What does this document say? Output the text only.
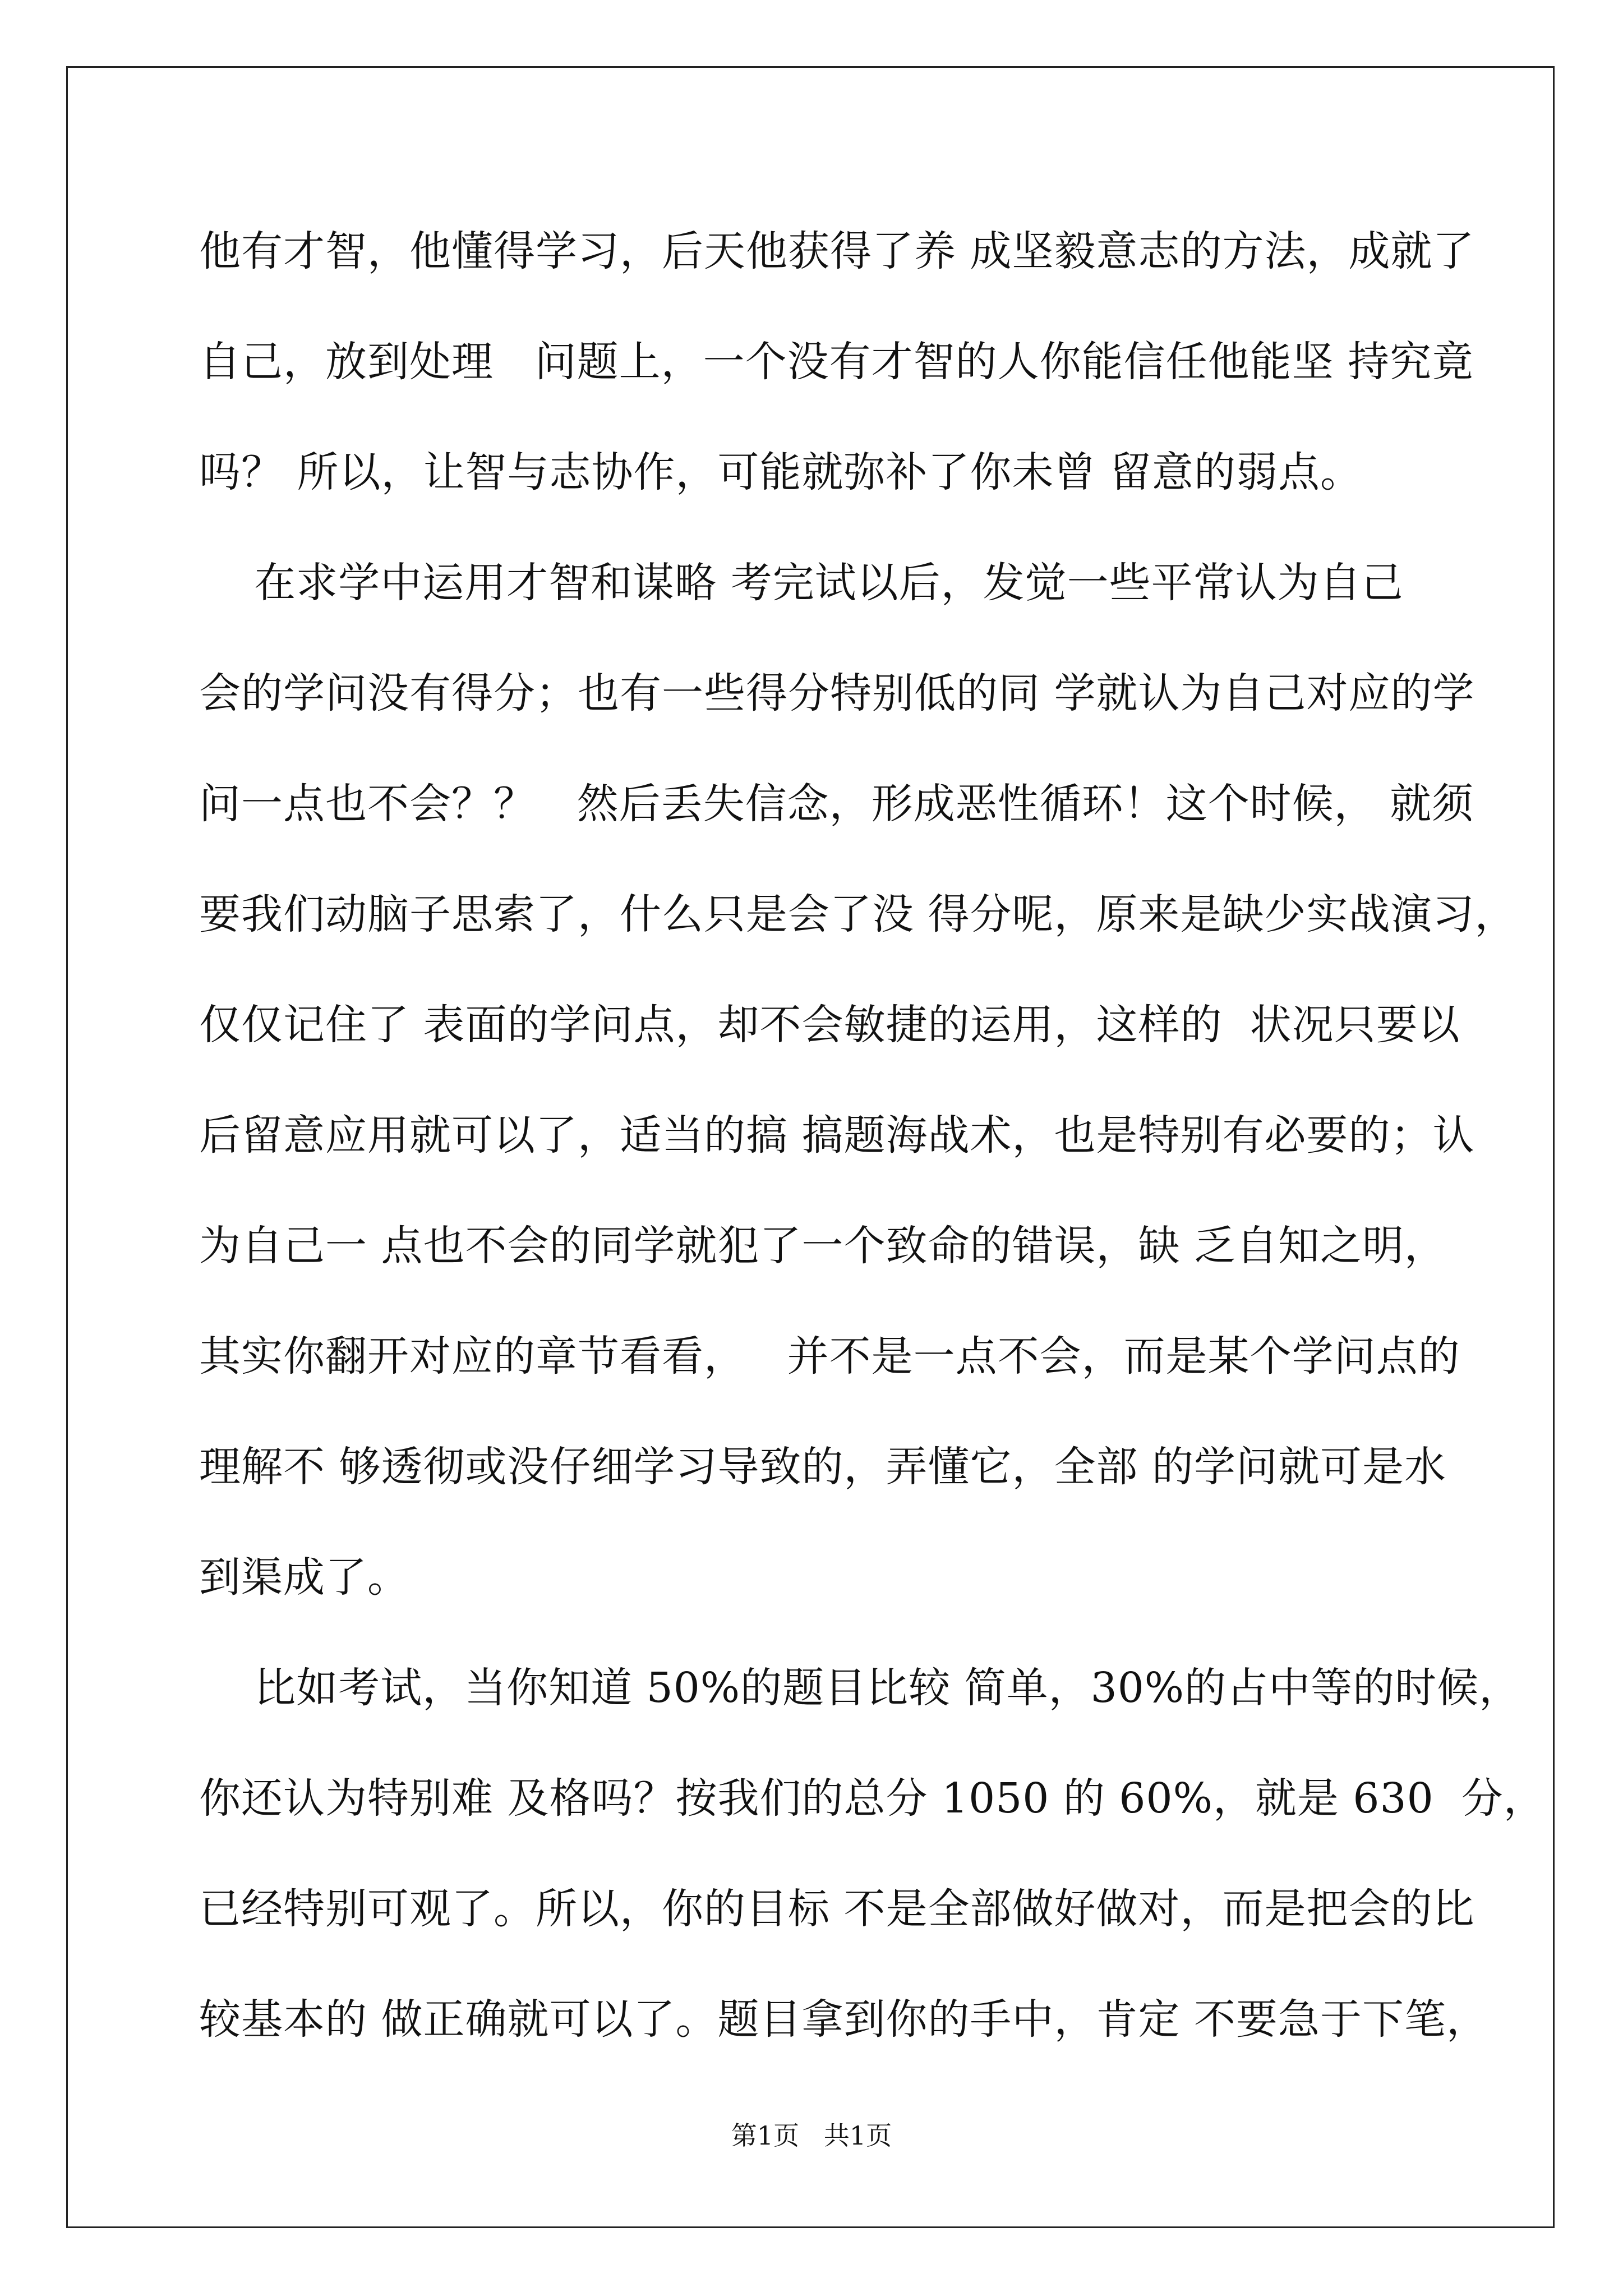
他有才智，他懂得学习，后天他获得了养 成坚毅意志的方法，成就了
自己，放到处理   问题上，一个没有才智的人你能信任他能坚 持究竟
吗？ 所以，让智与志协作，可能就弥补了你未曾 留意的弱点。
在求学中运用才智和谋略 考完试以后，发觉一些平常认为自己
会的学问没有得分；也有一些得分特别低的同 学就认为自己对应的学
问一点也不会？？   然后丢失信念，形成恶性循环！这个时候， 就须
要我们动脑子思索了，什么只是会了没 得分呢，原来是缺少实战演习，
仅仅记住了 表面的学问点，却不会敏捷的运用，这样的  状况只要以
后留意应用就可以了，适当的搞 搞题海战术，也是特别有必要的；认
为自己一 点也不会的同学就犯了一个致命的错误，缺 乏自知之明，
其实你翻开对应的章节看看，   并不是一点不会，而是某个学问点的
理解不 够透彻或没仔细学习导致的，弄懂它，全部 的学问就可是水
到渠成了。
比如考试，当你知道 50%的题目比较 简单，30%的占中等的时候，
你还认为特别难 及格吗？按我们的总分 1050 的 60%，就是 630  分，
已经特别可观了。所以，你的目标 不是全部做好做对，而是把会的比
较基本的 做正确就可以了。题目拿到你的手中，肯定 不要急于下笔，
第1页   共1页
